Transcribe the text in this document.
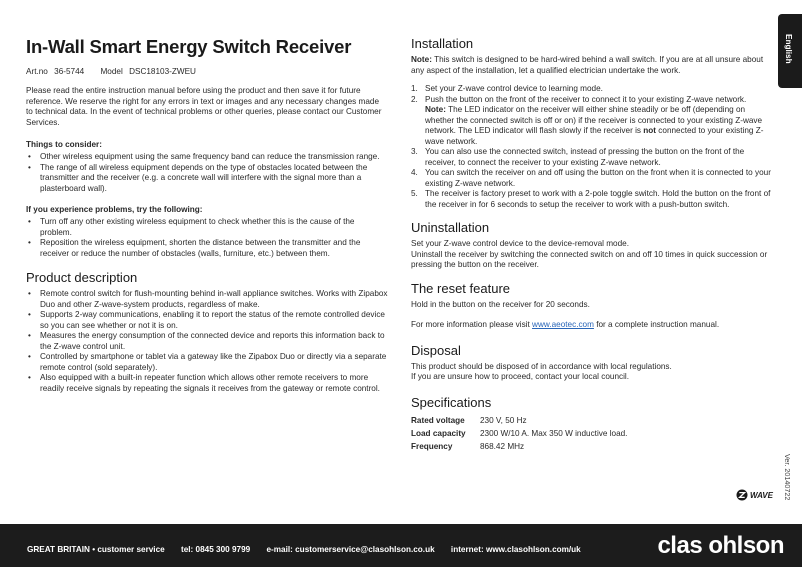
English
In-Wall Smart Energy Switch Receiver
Art.no 36-5744 Model DSC18103-ZWEU

Please read the entire instruction manual before using the product and then save it for future reference. We reserve the right for any errors in text or images and any necessary changes made to technical data. In the event of technical problems or other queries, please contact our Customer Services.

Things to consider:
• Other wireless equipment using the same frequency band can reduce the transmission range.
• The range of all wireless equipment depends on the type of obstacles located between the transmitter and the receiver (e.g. a concrete wall will interfere with the signal more than a plasterboard wall).
If you experience problems, try the following:
• Turn off any other existing wireless equipment to check whether this is the cause of the problem.
• Reposition the wireless equipment, shorten the distance between the transmitter and the receiver or reduce the number of obstacles (walls, furniture, etc.) between them.
Product description
• Remote control switch for flush-mounting behind in-wall appliance switches. Works with Zipabox Duo and other Z-wave-system products, regardless of make.
• Supports 2-way communications, enabling it to report the status of the remote controlled device so you can see whether or not it is on.
• Measures the energy consumption of the connected device and reports this information back to the Z-wave control unit.
• Controlled by smartphone or tablet via a gateway like the Zipabox Duo or directly via a separate remote control (sold separately).
• Also equipped with a built-in repeater function which allows other remote receivers to more readily receive signals by repeating the signals it receives from the gateway or remote control.
Installation

Note: This switch is designed to be hard-wired behind a wall switch. If you are at all unsure about any aspect of the installation, let a qualified electrician undertake the work.

1. Set your Z-wave control device to learning mode.
2. Push the button on the front of the receiver to connect it to your existing Z-wave network.
Note: The LED indicator on the receiver will either shine steadily or be off (depending on whether the connected switch is off or on) if the receiver is connected to your existing Z-wave network. The LED indicator will flash slowly if the receiver is not connected to your existing Z-wave network.
3. You can also use the connected switch, instead of pressing the button on the front of the receiver, to connect the receiver to your existing Z-wave network.
4. You can switch the receiver on and off using the button on the front when it is connected to your existing Z-wave network.
5. The receiver is factory preset to work with a 2-pole toggle switch. Hold the button on the front of the receiver in for 6 seconds to setup the receiver to work with a push-button switch.
Uninstallation

Set your Z-wave control device to the device-removal mode.

Uninstall the receiver by switching the connected switch on and off 10 times in quick succession or pressing the button on the receiver.

The reset feature

Hold in the button on the receiver for 20 seconds.

For more information please visit www.aeotec.com for a complete instruction manual.

Disposal

This product should be disposed of in accordance with local regulations.

If you are unsure how to proceed, contact your local council.

Specifications
Rated voltage	230 V, 50 Hz
Load capacity	2300 W/10 A. Max 350 W inductive load.
Frequency	868.42 MHz
Ver. 20140722
WAVE
GREAT BRITAIN • customer service tel: 0845 300 9799 e-mail: customerservice@clasohlson.co.uk internet: www.clasohlson.com/uk	clas ohlson
